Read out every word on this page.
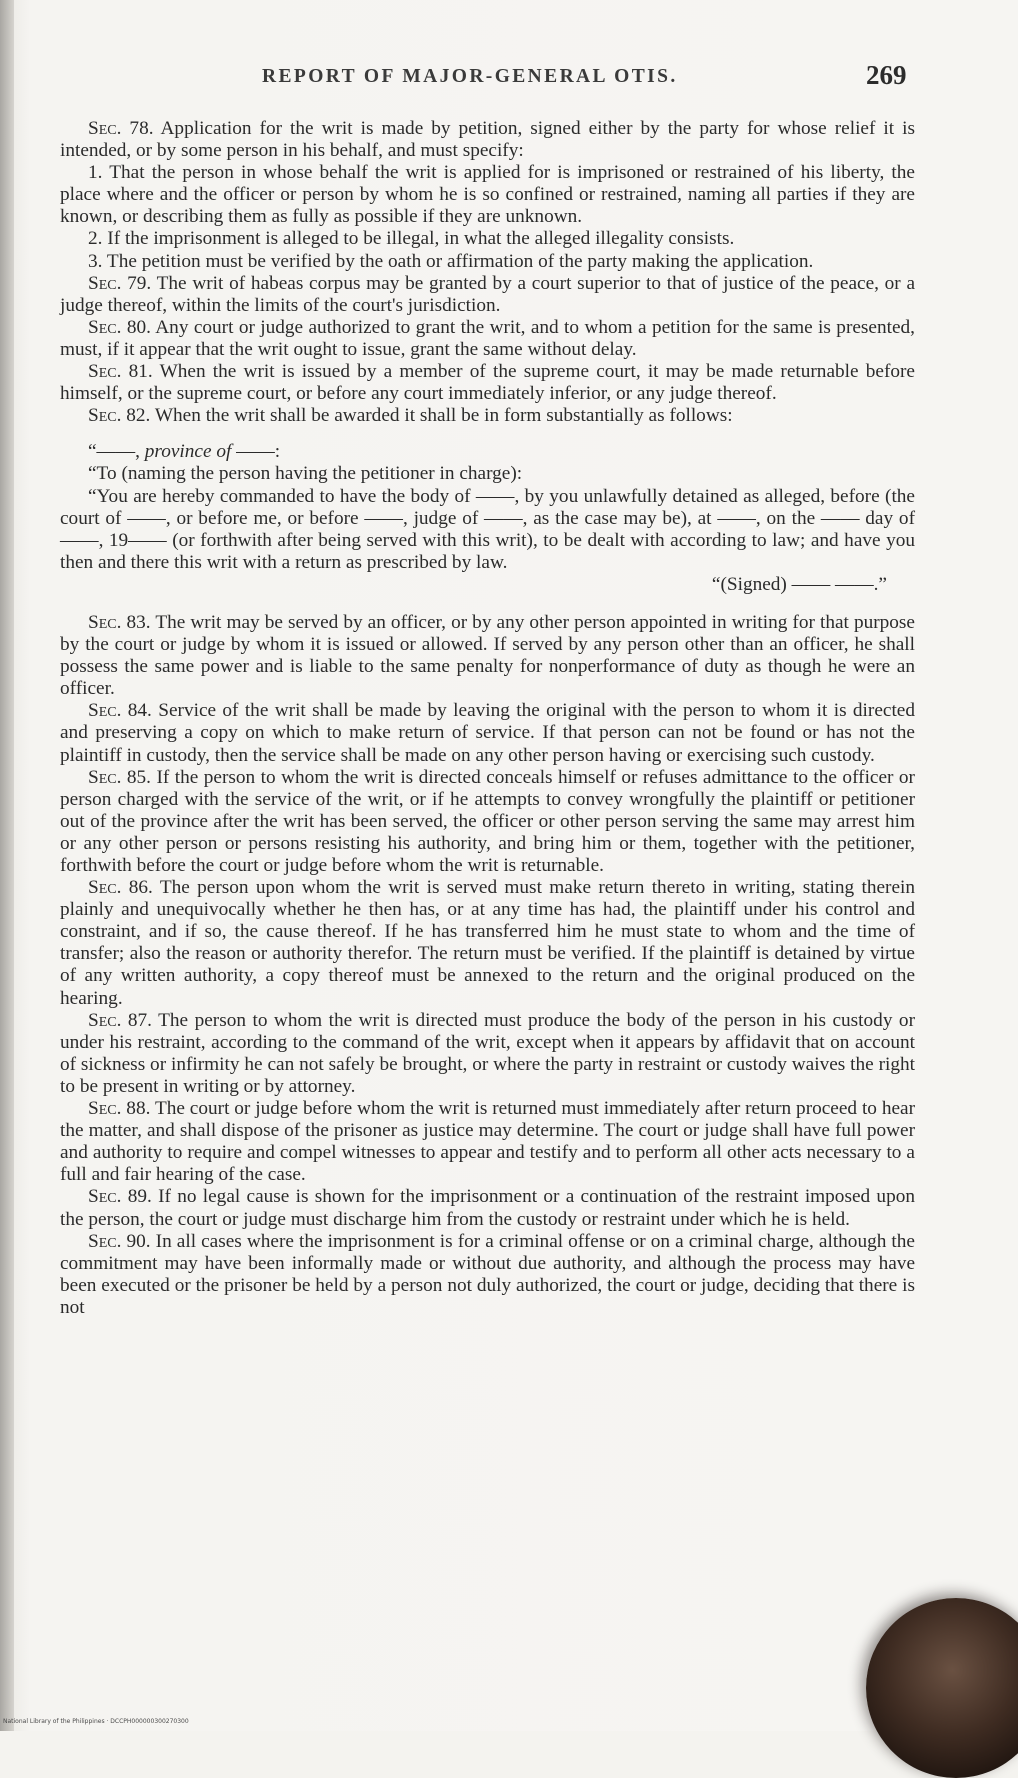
REPORT OF MAJOR-GENERAL OTIS.	269

Sec. 78. Application for the writ is made by petition, signed either by the party for whose relief it is intended, or by some person in his behalf, and must specify:

1. That the person in whose behalf the writ is applied for is imprisoned or restrained of his liberty, the place where and the officer or person by whom he is so confined or restrained, naming all parties if they are known, or describing them as fully as possible if they are unknown.

2. If the imprisonment is alleged to be illegal, in what the alleged illegality consists.

3. The petition must be verified by the oath or affirmation of the party making the application.

Sec. 79. The writ of habeas corpus may be granted by a court superior to that of justice of the peace, or a judge thereof, within the limits of the court's jurisdiction.

Sec. 80. Any court or judge authorized to grant the writ, and to whom a petition for the same is presented, must, if it appear that the writ ought to issue, grant the same without delay.

Sec. 81. When the writ is issued by a member of the supreme court, it may be made returnable before himself, or the supreme court, or before any court immediately inferior, or any judge thereof.

Sec. 82. When the writ shall be awarded it shall be in form substantially as follows:

“——, province of ——:

“To (naming the person having the petitioner in charge):

“You are hereby commanded to have the body of ——, by you unlawfully detained as alleged, before (the court of ——, or before me, or before ——, judge of ——, as the case may be), at ——, on the —— day of ——, 19—— (or forthwith after being served with this writ), to be dealt with according to law; and have you then and there this writ with a return as prescribed by law.

“(Signed) —— ——.”

Sec. 83. The writ may be served by an officer, or by any other person appointed in writing for that purpose by the court or judge by whom it is issued or allowed. If served by any person other than an officer, he shall possess the same power and is liable to the same penalty for nonperformance of duty as though he were an officer.

Sec. 84. Service of the writ shall be made by leaving the original with the person to whom it is directed and preserving a copy on which to make return of service. If that person can not be found or has not the plaintiff in custody, then the service shall be made on any other person having or exercising such custody.

Sec. 85. If the person to whom the writ is directed conceals himself or refuses admittance to the officer or person charged with the service of the writ, or if he attempts to convey wrongfully the plaintiff or petitioner out of the province after the writ has been served, the officer or other person serving the same may arrest him or any other person or persons resisting his authority, and bring him or them, together with the petitioner, forthwith before the court or judge before whom the writ is returnable.

Sec. 86. The person upon whom the writ is served must make return thereto in writing, stating therein plainly and unequivocally whether he then has, or at any time has had, the plaintiff under his control and constraint, and if so, the cause thereof. If he has transferred him he must state to whom and the time of transfer; also the reason or authority therefor. The return must be verified. If the plaintiff is detained by virtue of any written authority, a copy thereof must be annexed to the return and the original produced on the hearing.

Sec. 87. The person to whom the writ is directed must produce the body of the person in his custody or under his restraint, according to the command of the writ, except when it appears by affidavit that on account of sickness or infirmity he can not safely be brought, or where the party in restraint or custody waives the right to be present in writing or by attorney.

Sec. 88. The court or judge before whom the writ is returned must immediately after return proceed to hear the matter, and shall dispose of the prisoner as justice may determine. The court or judge shall have full power and authority to require and compel witnesses to appear and testify and to perform all other acts necessary to a full and fair hearing of the case.

Sec. 89. If no legal cause is shown for the imprisonment or a continuation of the restraint imposed upon the person, the court or judge must discharge him from the custody or restraint under which he is held.

Sec. 90. In all cases where the imprisonment is for a criminal offense or on a criminal charge, although the commitment may have been informally made or without due authority, and although the process may have been executed or the prisoner be held by a person not duly authorized, the court or judge, deciding that there is not

National Library of the Philippines · DCCPH000000300270300
